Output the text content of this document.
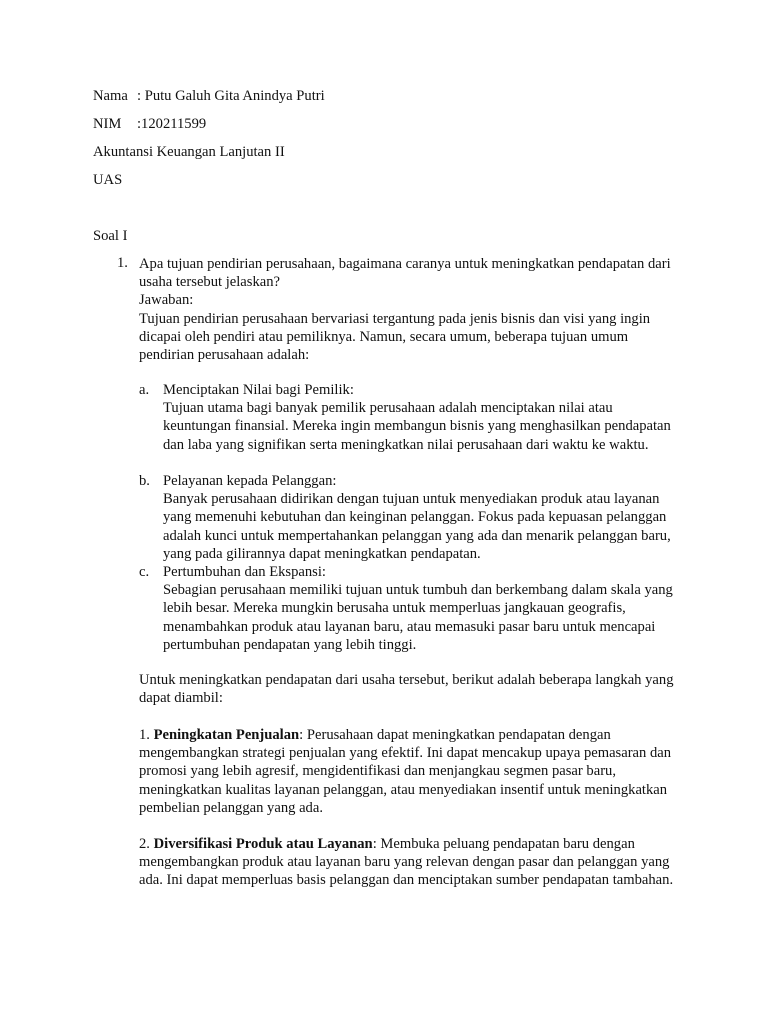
Nama : Putu Galuh Gita Anindya Putri
NIM :120211599
Akuntansi Keuangan Lanjutan II
UAS
Soal I
1. Apa tujuan pendirian perusahaan, bagaimana caranya untuk meningkatkan pendapatan dari usaha tersebut jelaskan?

Jawaban:

Tujuan pendirian perusahaan bervariasi tergantung pada jenis bisnis dan visi yang ingin dicapai oleh pendiri atau pemiliknya. Namun, secara umum, beberapa tujuan umum pendirian perusahaan adalah:

a. Menciptakan Nilai bagi Pemilik:
Tujuan utama bagi banyak pemilik perusahaan adalah menciptakan nilai atau keuntungan finansial. Mereka ingin membangun bisnis yang menghasilkan pendapatan dan laba yang signifikan serta meningkatkan nilai perusahaan dari waktu ke waktu.
b. Pelayanan kepada Pelanggan:
Banyak perusahaan didirikan dengan tujuan untuk menyediakan produk atau layanan yang memenuhi kebutuhan dan keinginan pelanggan. Fokus pada kepuasan pelanggan adalah kunci untuk mempertahankan pelanggan yang ada dan menarik pelanggan baru, yang pada gilirannya dapat meningkatkan pendapatan.
c. Pertumbuhan dan Ekspansi:
Sebagian perusahaan memiliki tujuan untuk tumbuh dan berkembang dalam skala yang lebih besar. Mereka mungkin berusaha untuk memperluas jangkauan geografis, menambahkan produk atau layanan baru, atau memasuki pasar baru untuk mencapai pertumbuhan pendapatan yang lebih tinggi.
Untuk meningkatkan pendapatan dari usaha tersebut, berikut adalah beberapa langkah yang dapat diambil:
1. Peningkatan Penjualan: Perusahaan dapat meningkatkan pendapatan dengan mengembangkan strategi penjualan yang efektif. Ini dapat mencakup upaya pemasaran dan promosi yang lebih agresif, mengidentifikasi dan menjangkau segmen pasar baru, meningkatkan kualitas layanan pelanggan, atau menyediakan insentif untuk meningkatkan pembelian pelanggan yang ada.
2. Diversifikasi Produk atau Layanan: Membuka peluang pendapatan baru dengan mengembangkan produk atau layanan baru yang relevan dengan pasar dan pelanggan yang ada. Ini dapat memperluas basis pelanggan dan menciptakan sumber pendapatan tambahan.
